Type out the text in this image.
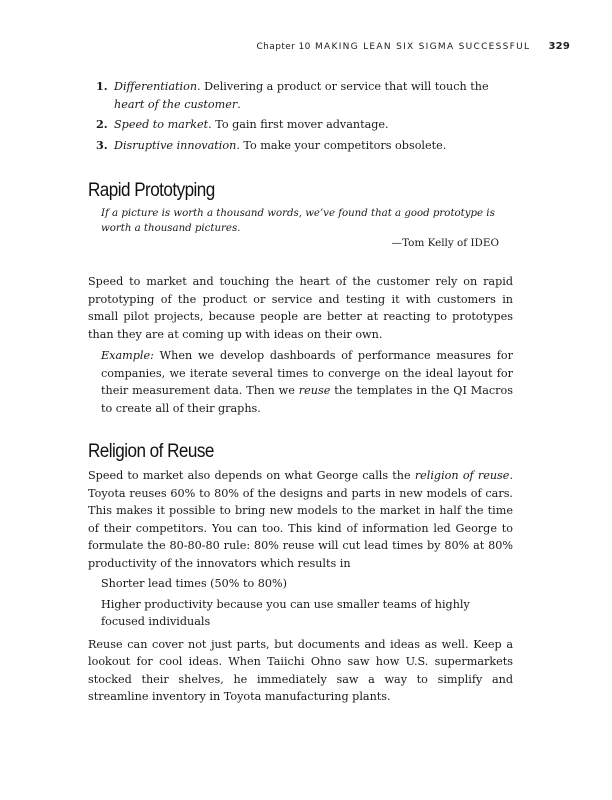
Chapter 10 MAKING LEAN SIX SIGMA SUCCESSFUL 329
1. Differentiation. Delivering a product or service that will touch the heart of the customer.
2. Speed to market. To gain first mover advantage.
3. Disruptive innovation. To make your competitors obsolete.
Rapid Prototyping
If a picture is worth a thousand words, we’ve found that a good prototype is worth a thousand pictures.
—Tom Kelly of IDEO

Speed to market and touching the heart of the customer rely on rapid prototyping of the product or service and testing it with customers in small pilot projects, because people are better at reacting to prototypes than they are at coming up with ideas on their own.

Example: When we develop dashboards of performance measures for companies, we iterate several times to converge on the ideal layout for their measurement data. Then we reuse the templates in the QI Macros to create all of their graphs.

Religion of Reuse

Speed to market also depends on what George calls the religion of reuse. Toyota reuses 60% to 80% of the designs and parts in new models of cars. This makes it possible to bring new models to the market in half the time of their competitors. You can too. This kind of information led George to formulate the 80-80-80 rule: 80% reuse will cut lead times by 80% at 80% productivity of the innovators which results in

Shorter lead times (50% to 80%)
Higher productivity because you can use smaller teams of highly focused individuals

Reuse can cover not just parts, but documents and ideas as well. Keep a lookout for cool ideas. When Taiichi Ohno saw how U.S. supermarkets stocked their shelves, he immediately saw a way to simplify and streamline inventory in Toyota manufacturing plants.
